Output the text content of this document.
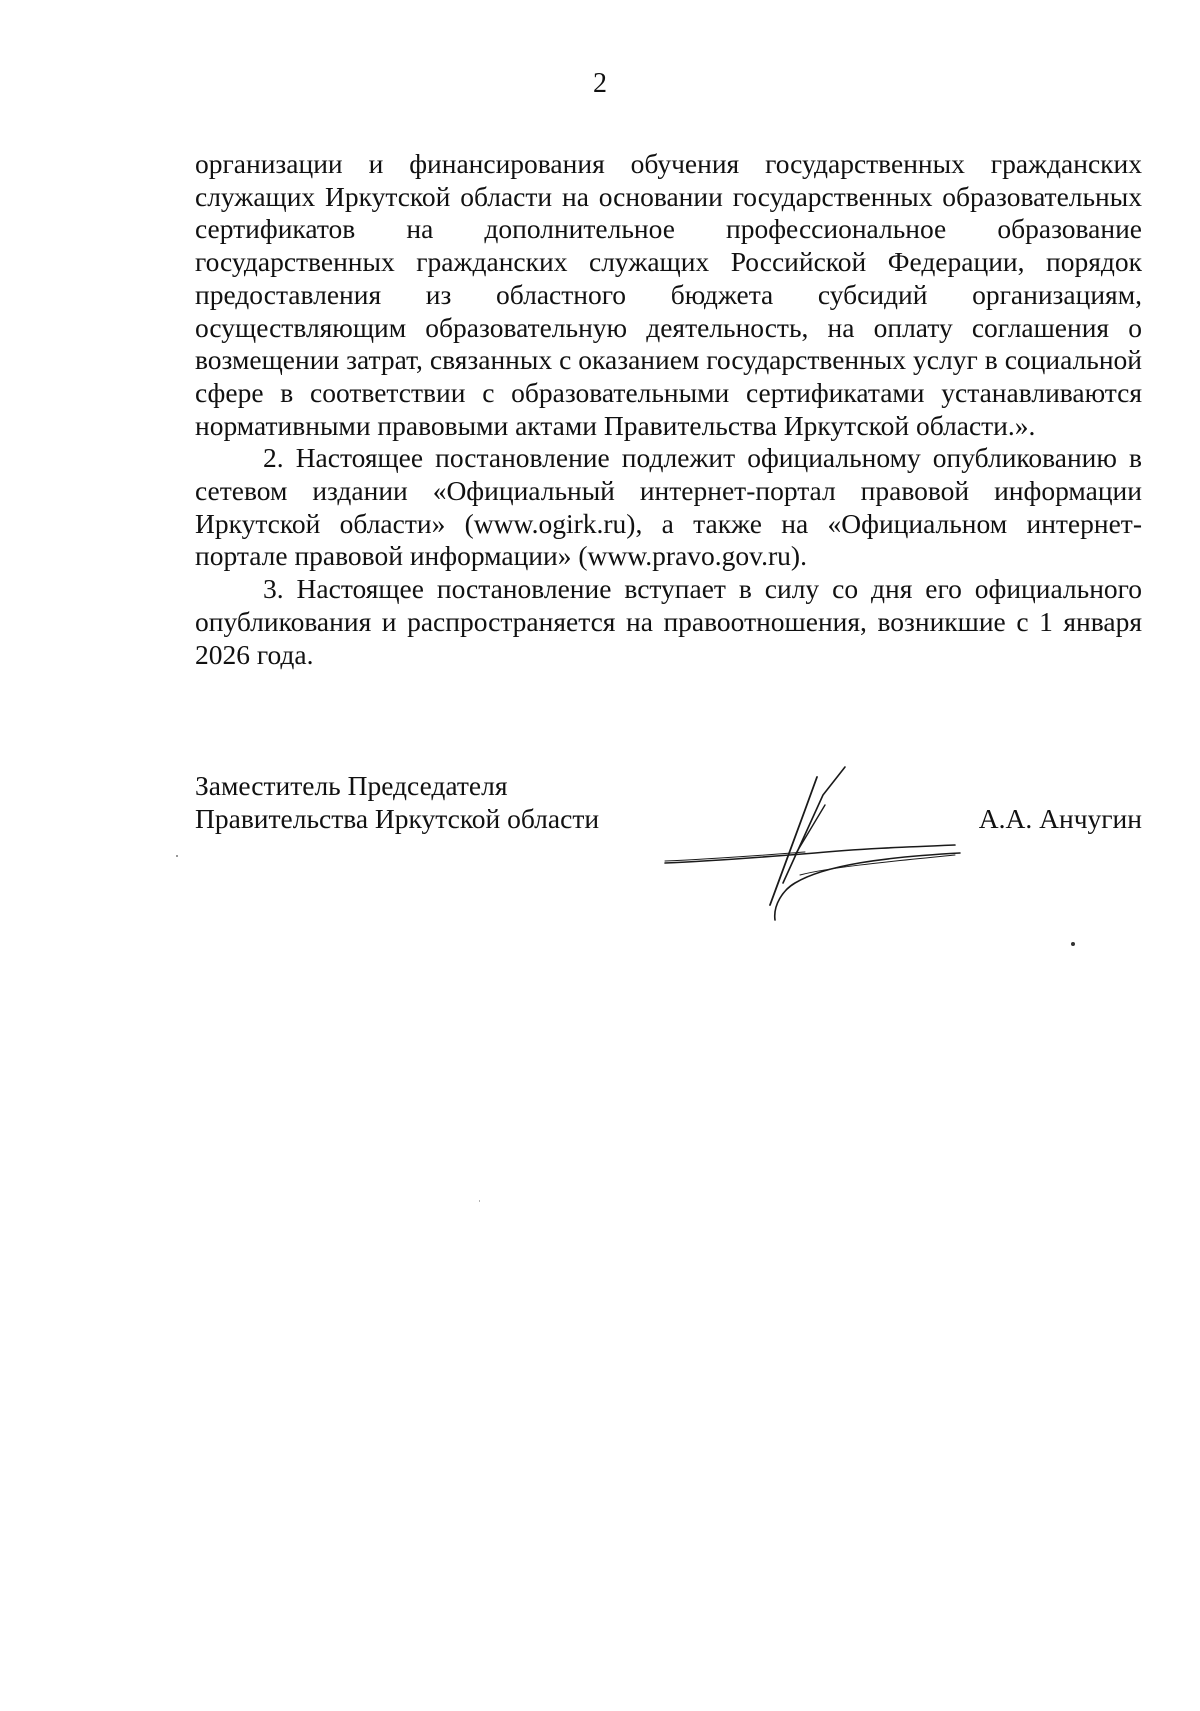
2

организации и финансирования обучения государственных гражданских служащих Иркутской области на основании государственных образовательных сертификатов на дополнительное профессиональное образование государственных гражданских служащих Российской Федерации, порядок предоставления из областного бюджета субсидий организациям, осуществляющим образовательную деятельность, на оплату соглашения о возмещении затрат, связанных с оказанием государственных услуг в социальной сфере в соответствии с образовательными сертификатами устанавливаются нормативными правовыми актами Правительства Иркутской области.».

2. Настоящее постановление подлежит официальному опубликованию в сетевом издании «Официальный интернет-портал правовой информации Иркутской области» (www.ogirk.ru), а также на «Официальном интернет-портале правовой информации» (www.pravo.gov.ru).

3. Настоящее постановление вступает в силу со дня его официального опубликования и распространяется на правоотношения, возникшие с 1 января 2026 года.

Заместитель Председателя
Правительства Иркутской области	А.А. Анчугин
